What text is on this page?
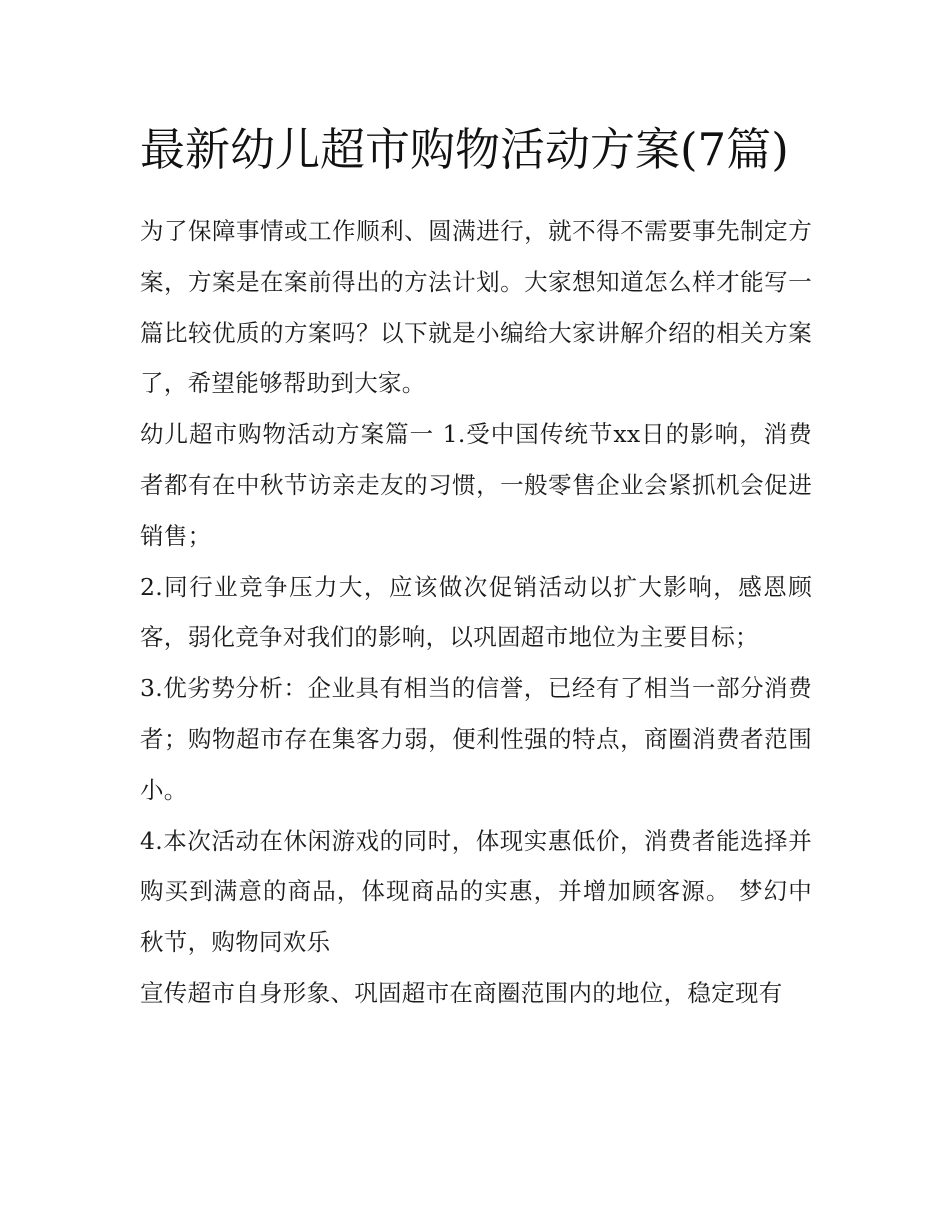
最新幼儿超市购物活动方案(7篇)

为了保障事情或工作顺利、圆满进行，就不得不需要事先制定方案，方案是在案前得出的方法计划。大家想知道怎么样才能写一篇比较优质的方案吗？以下就是小编给大家讲解介绍的相关方案了，希望能够帮助到大家。

幼儿超市购物活动方案篇一 1.受中国传统节xx日的影响，消费者都有在中秋节访亲走友的习惯，一般零售企业会紧抓机会促进销售；

2.同行业竞争压力大，应该做次促销活动以扩大影响，感恩顾客，弱化竞争对我们的影响，以巩固超市地位为主要目标；

3.优劣势分析：企业具有相当的信誉，已经有了相当一部分消费者；购物超市存在集客力弱，便利性强的特点，商圈消费者范围小。

4.本次活动在休闲游戏的同时，体现实惠低价，消费者能选择并购买到满意的商品，体现商品的实惠，并增加顾客源。 梦幻中秋节，购物同欢乐

宣传超市自身形象、巩固超市在商圈范围内的地位，稳定现有
